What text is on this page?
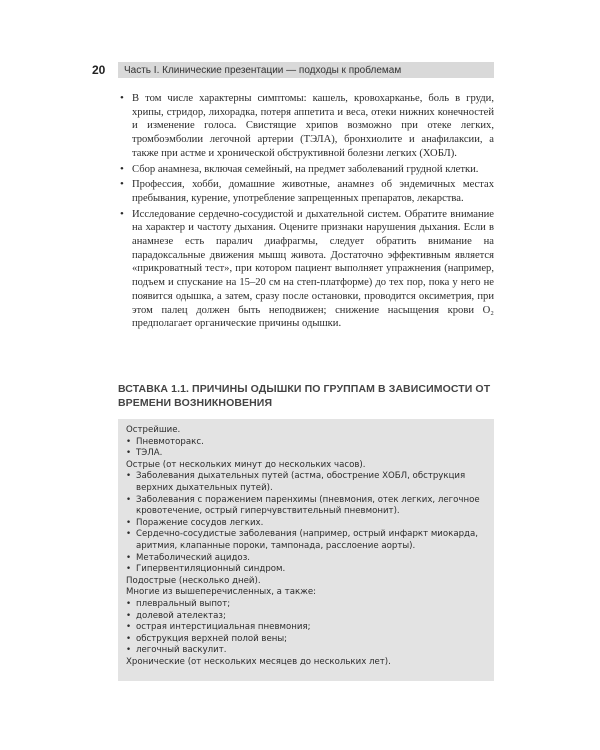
20	Часть I. Клинические презентации — подходы к проблемам
• В том числе характерны симптомы: кашель, кровохарканье, боль в груди, хрипы, стридор, лихорадка, потеря аппетита и веса, отеки нижних конечностей и изменение голоса. Свистящие хрипов возможно при отеке легких, тромбоэмболии легочной артерии (ТЭЛА), бронхиолите и анафилаксии, а также при астме и хронической обструктивной болезни легких (ХОБЛ).
• Сбор анамнеза, включая семейный, на предмет заболеваний грудной клетки.
• Профессия, хобби, домашние животные, анамнез об эндемичных местах пребывания, курение, употребление запрещенных препаратов, лекарства.
• Исследование сердечно-сосудистой и дыхательной систем. Обратите внимание на характер и частоту дыхания. Оцените признаки нарушения дыхания. Если в анамнезе есть паралич диафрагмы, следует обратить внимание на парадоксальные движения мышц живота. Достаточно эффективным является «прикроватный тест», при котором пациент выполняет упражнения (например, подъем и спускание на 15–20 см на степ-платформе) до тех пор, пока у него не появится одышка, а затем, сразу после остановки, проводится оксиметрия, при этом палец должен быть неподвижен; снижение насыщения крови O₂ предполагает органические причины одышки.
ВСТАВКА 1.1. ПРИЧИНЫ ОДЫШКИ ПО ГРУППАМ В ЗАВИСИМОСТИ ОТ ВРЕМЕНИ ВОЗНИКНОВЕНИЯ
Острейшие.
• Пневмоторакс.
• ТЭЛА.
Острые (от нескольких минут до нескольких часов).
• Заболевания дыхательных путей (астма, обострение ХОБЛ, обструкция верхних дыхательных путей).
• Заболевания с поражением паренхимы (пневмония, отек легких, легочное кровотечение, острый гиперчувствительный пневмонит).
• Поражение сосудов легких.
• Сердечно-сосудистые заболевания (например, острый инфаркт миокарда, аритмия, клапанные пороки, тампонада, расслоение аорты).
• Метаболический ацидоз.
• Гипервентиляционный синдром.
Подострые (несколько дней).
Многие из вышеперечисленных, а также:
• плевральный выпот;
• долевой ателектаз;
• острая интерстициальная пневмония;
• обструкция верхней полой вены;
• легочный васкулит.
Хронические (от нескольких месяцев до нескольких лет).
